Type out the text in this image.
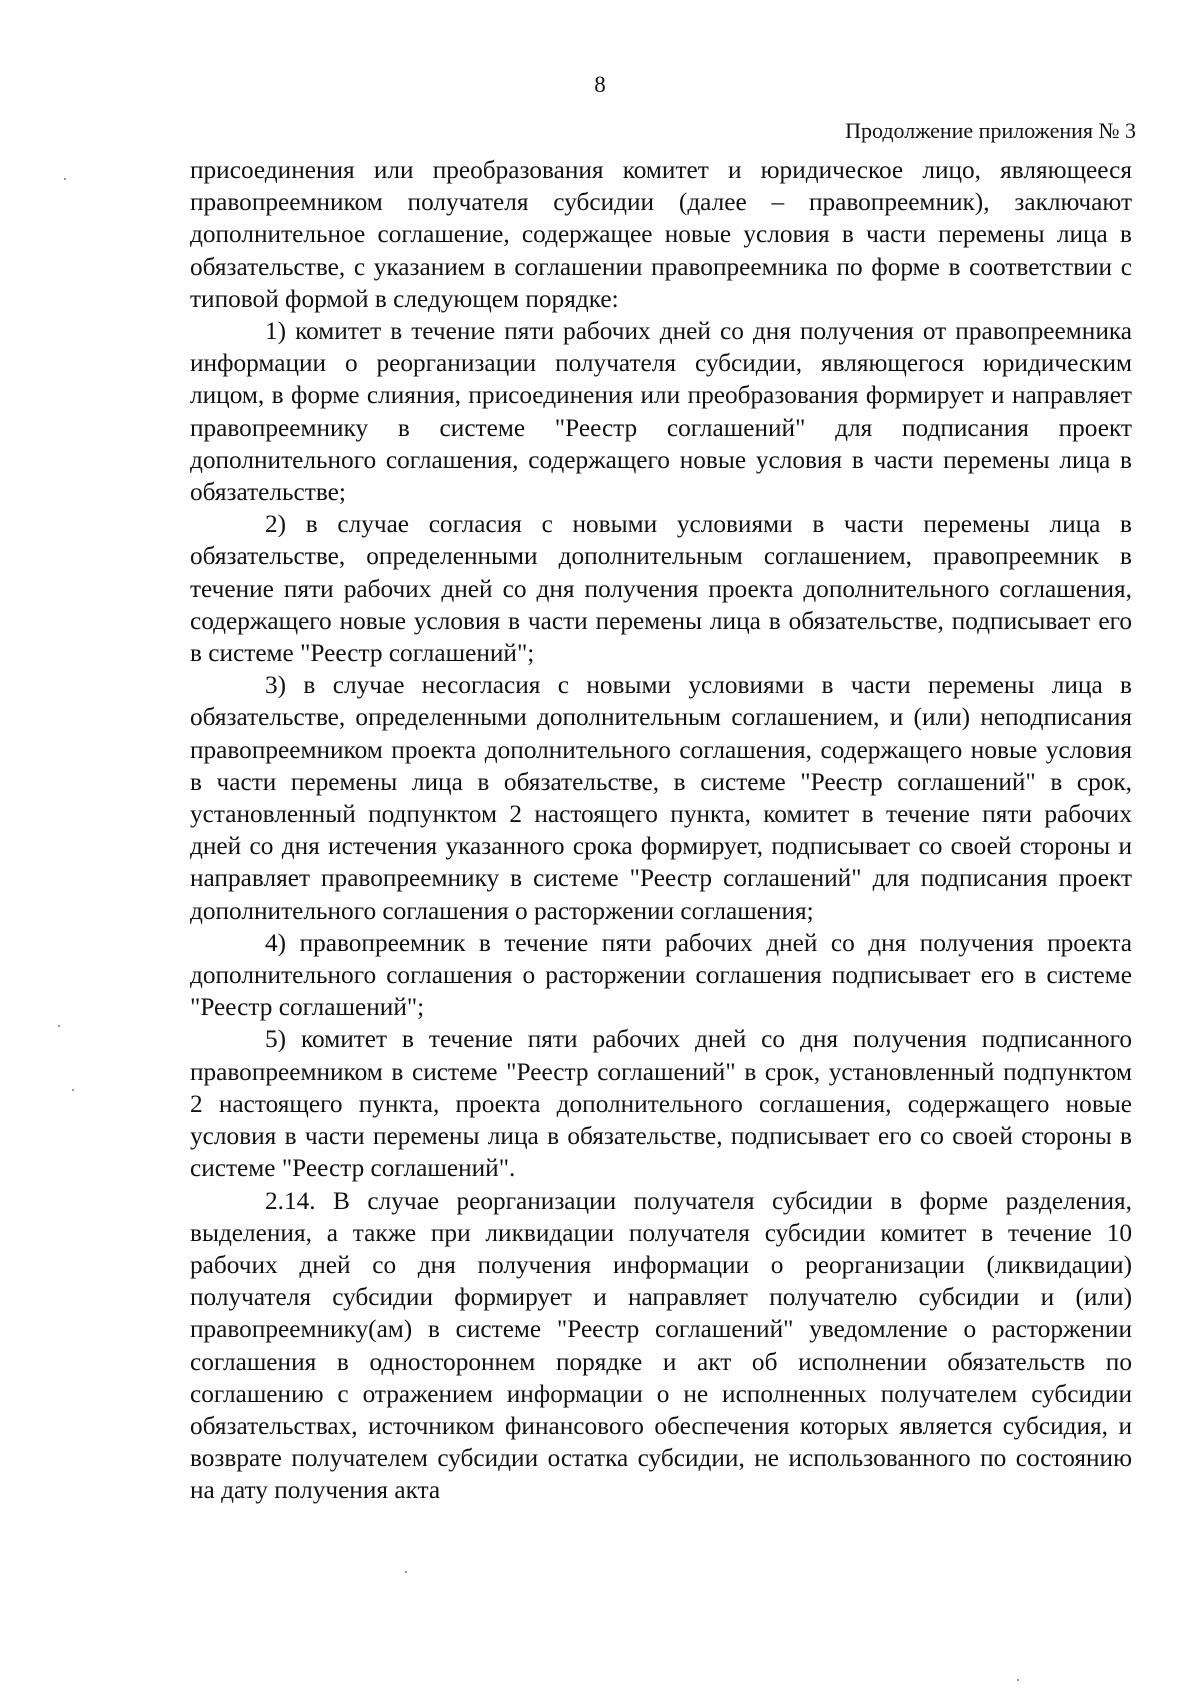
8
Продолжение приложения № 3

присоединения или преобразования комитет и юридическое лицо, являющееся правопреемником получателя субсидии (далее – правопреемник), заключают дополнительное соглашение, содержащее новые условия в части перемены лица в обязательстве, с указанием в соглашении правопреемника по форме в соответствии с типовой формой в следующем порядке:

1) комитет в течение пяти рабочих дней со дня получения от правопреемника информации о реорганизации получателя субсидии, являющегося юридическим лицом, в форме слияния, присоединения или преобразования формирует и направляет правопреемнику в системе "Реестр соглашений" для подписания проект дополнительного соглашения, содержащего новые условия в части перемены лица в обязательстве;

2) в случае согласия с новыми условиями в части перемены лица в обязательстве, определенными дополнительным соглашением, правопреемник в течение пяти рабочих дней со дня получения проекта дополнительного соглашения, содержащего новые условия в части перемены лица в обязательстве, подписывает его в системе "Реестр соглашений";

3) в случае несогласия с новыми условиями в части перемены лица в обязательстве, определенными дополнительным соглашением, и (или) неподписания правопреемником проекта дополнительного соглашения, содержащего новые условия в части перемены лица в обязательстве, в системе "Реестр соглашений" в срок, установленный подпунктом 2 настоящего пункта, комитет в течение пяти рабочих дней со дня истечения указанного срока формирует, подписывает со своей стороны и направляет правопреемнику в системе "Реестр соглашений" для подписания проект дополнительного соглашения о расторжении соглашения;

4) правопреемник в течение пяти рабочих дней со дня получения проекта дополнительного соглашения о расторжении соглашения подписывает его в системе "Реестр соглашений";

5) комитет в течение пяти рабочих дней со дня получения подписанного правопреемником в системе "Реестр соглашений" в срок, установленный подпунктом 2 настоящего пункта, проекта дополнительного соглашения, содержащего новые условия в части перемены лица в обязательстве, подписывает его со своей стороны в системе "Реестр соглашений".

2.14. В случае реорганизации получателя субсидии в форме разделения, выделения, а также при ликвидации получателя субсидии комитет в течение 10 рабочих дней со дня получения информации о реорганизации (ликвидации) получателя субсидии формирует и направляет получателю субсидии и (или) правопреемнику(ам) в системе "Реестр соглашений" уведомление о расторжении соглашения в одностороннем порядке и акт об исполнении обязательств по соглашению с отражением информации о не исполненных получателем субсидии обязательствах, источником финансового обеспечения которых является субсидия, и возврате получателем субсидии остатка субсидии, не использованного по состоянию на дату получения акта
